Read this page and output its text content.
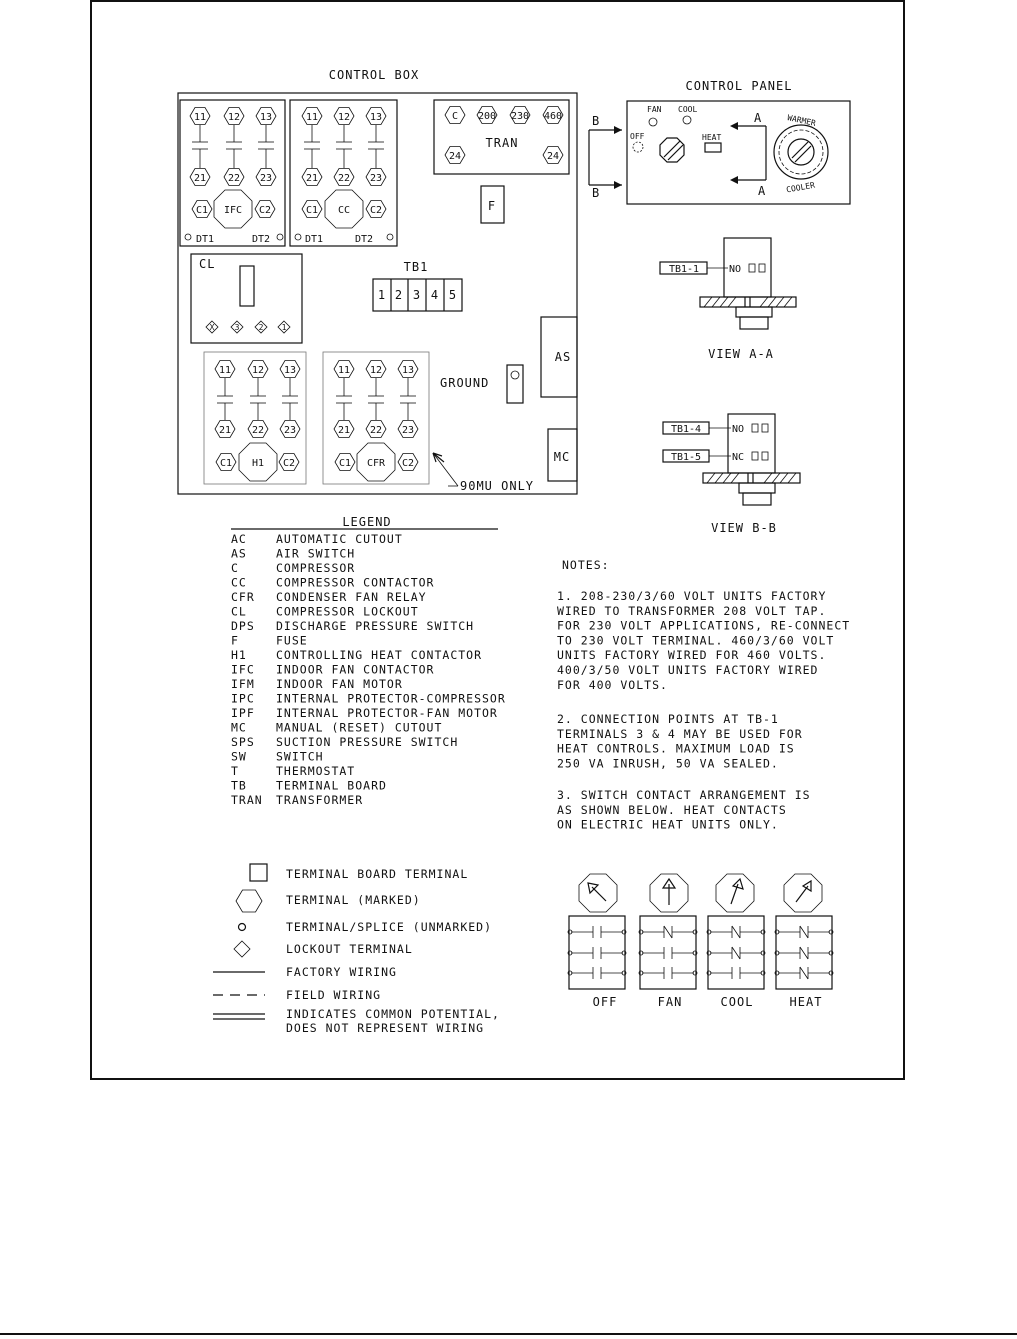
CONTROL BOX
11 12 13
21 22 23
C1 IFC C2
DT1	DT2
11 12 13
21 22 23
C1 CC C2
DT1	DT2
C 200 230 460
TRAN
24	24
F
CL
X	3 2 1
TB1
1 2 3 4 5
AS
GROUND
MC
11 12 13
21 22 23
C1 H1 C2
11 12 13
21 22 23
C1 CFR C2
90MU ONLY
CONTROL PANEL
B
B
A
A
FAN COOL
OFF	HEAT
WARMER
COOLER
TB1-1	NO
VIEW A-A
TB1-4	NO
TB1-5	NC
VIEW B-B
LEGEND
AC	AUTOMATIC CUTOUT
AS	AIR SWITCH
C	COMPRESSOR
CC	COMPRESSOR CONTACTOR
CFR CONDENSER FAN RELAY
CL	COMPRESSOR LOCKOUT
DPS DISCHARGE PRESSURE SWITCH
F	FUSE
H1	CONTROLLING HEAT CONTACTOR
IFC INDOOR FAN CONTACTOR
IFM INDOOR FAN MOTOR
IPC INTERNAL PROTECTOR-COMPRESSOR
IPF INTERNAL PROTECTOR-FAN MOTOR
MC	MANUAL (RESET) CUTOUT
SPS SUCTION PRESSURE SWITCH
SW	SWITCH
T	THERMOSTAT
TB	TERMINAL BOARD
TRAN TRANSFORMER
NOTES:
1. 208-230/3/60 VOLT UNITS FACTORY
WIRED TO TRANSFORMER 208 VOLT TAP.
FOR 230 VOLT APPLICATIONS, RE-CONNECT
TO 230 VOLT TERMINAL. 460/3/60 VOLT
UNITS FACTORY WIRED FOR 460 VOLTS.
400/3/50 VOLT UNITS FACTORY WIRED
FOR 400 VOLTS.
2. CONNECTION POINTS AT TB-1
TERMINALS 3 & 4 MAY BE USED FOR
HEAT CONTROLS. MAXIMUM LOAD IS
250 VA INRUSH, 50 VA SEALED.
3. SWITCH CONTACT ARRANGEMENT IS
AS SHOWN BELOW. HEAT CONTACTS
ON ELECTRIC HEAT UNITS ONLY.
TERMINAL BOARD TERMINAL
TERMINAL (MARKED)
TERMINAL/SPLICE (UNMARKED)
LOCKOUT TERMINAL
FACTORY WIRING
FIELD WIRING
INDICATES COMMON POTENTIAL,
DOES NOT REPRESENT WIRING
OFF	FAN	COOL	HEAT
